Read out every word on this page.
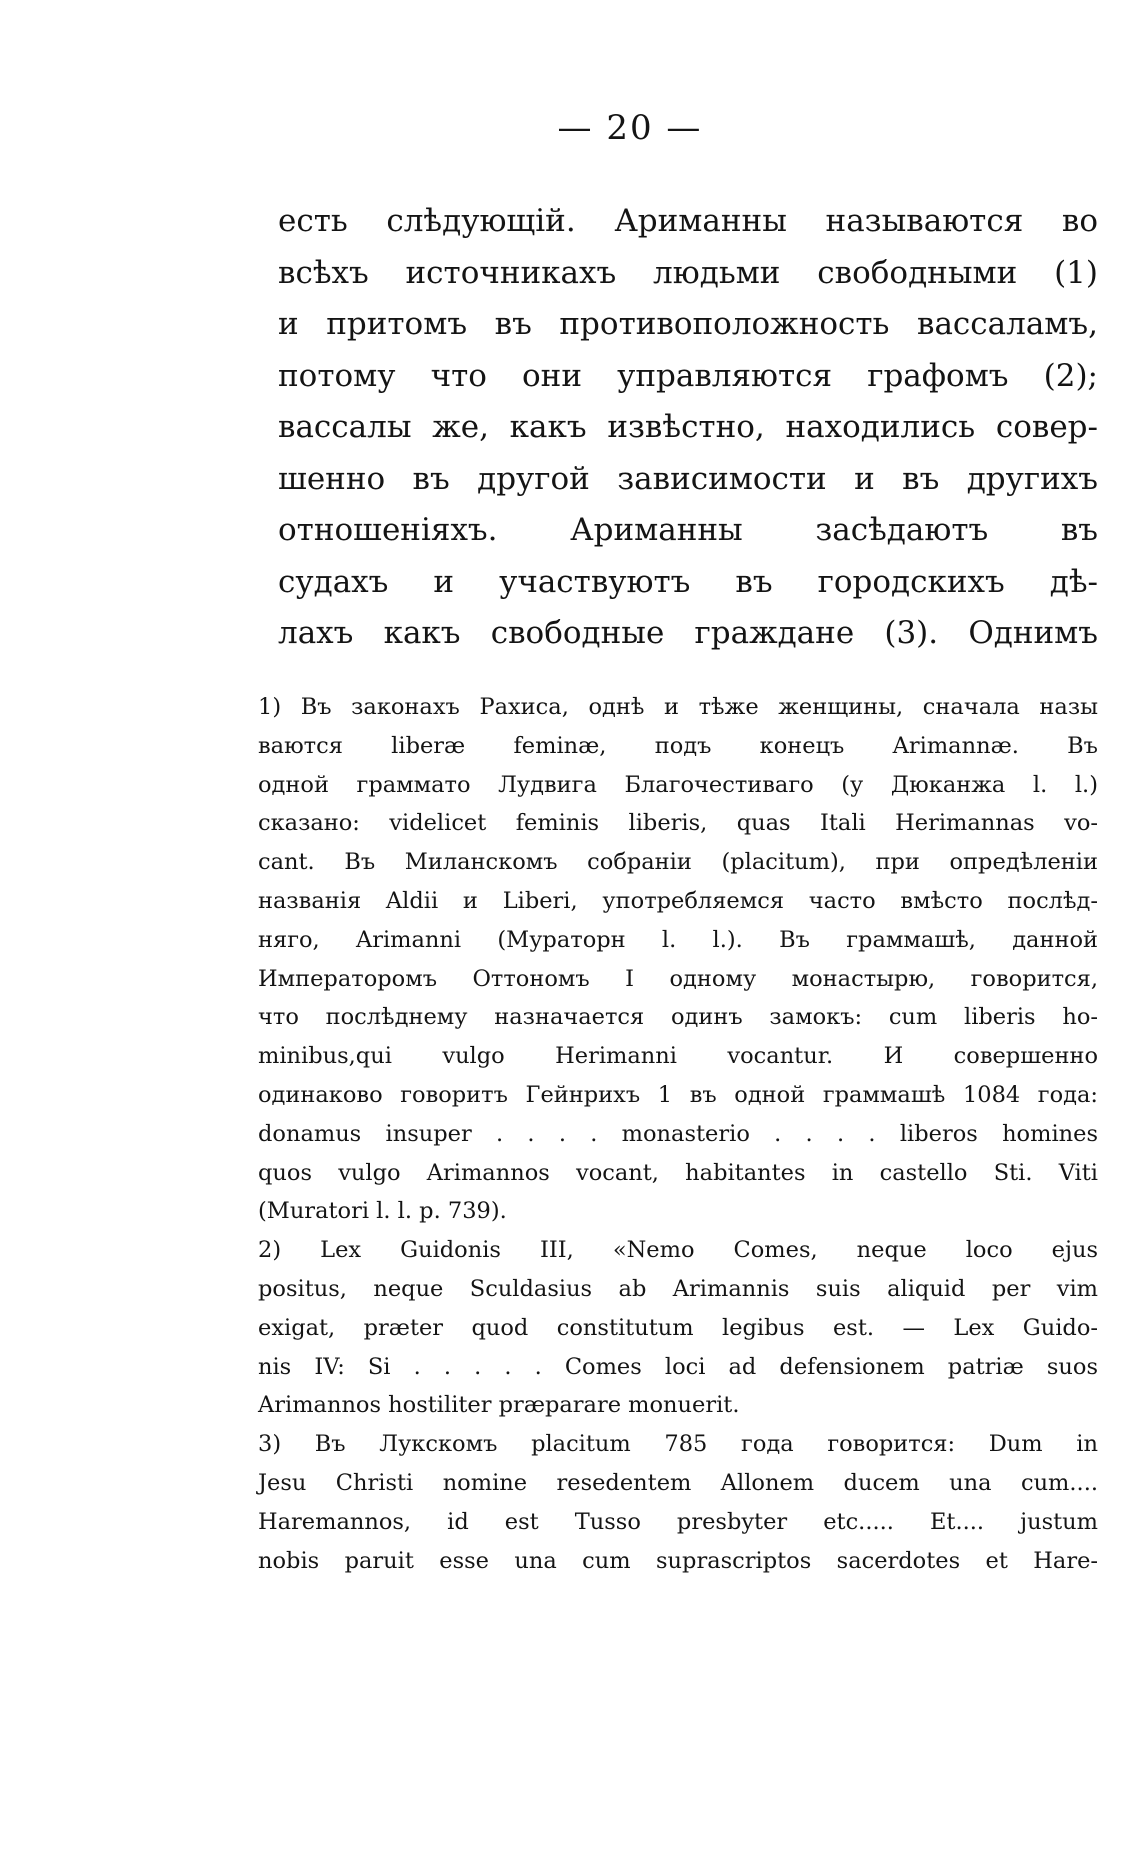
— 20 —
есть слѣдующій. Ариманны называются во
всѣхъ источникахъ людьми свободными (1)
и притомъ въ противоположность вассаламъ,
потому что они управляются графомъ (2);
вассалы же, какъ извѣстно, находились совер-
шенно въ другой зависимости и въ другихъ
отношеніяхъ. Ариманны засѣдаютъ въ
судахъ и участвуютъ въ городскихъ дѣ-
лахъ какъ свободные граждане (3). Однимъ
1) Въ законахъ Рахиса, однѣ и тѣже женщины, сначала назы
ваются liberæ feminæ, подъ конецъ Arimannæ. Въ
одной граммато Лудвига Благочестиваго (у Дюканжа l. l.)
сказано: videlicet feminis liberis, quas Itali Herimannas vo-
cant. Въ Миланскомъ собраніи (placitum), при опредѣленіи
названія Aldii и Liberi, употребляемся часто вмѣсто послѣд-
няго, Arimanni (Мураторн l. l.). Въ граммашѣ, данной
Императоромъ Оттономъ I одному монастырю, говорится,
что послѣднему назначается одинъ замокъ: cum liberis ho-
minibus,qui vulgo Herimanni vocantur. И совершенно
одинаково говоритъ Гейнрихъ 1 въ одной граммашѣ 1084 года:
donamus insuper . . . . monasterio . . . . liberos homines
quos vulgo Arimannos vocant, habitantes in castello Sti. Viti
(Muratori l. l. p. 739).
2) Lex Guidonis III, «Nemo Comes, neque loco ejus
positus, neque Sculdasius ab Arimannis suis aliquid per vim
exigat, præter quod constitutum legibus est. — Lex Guido-
nis IV: Si . . . . . Comes loci ad defensionem patriæ suos
Arimannos hostiliter præparare monuerit.
3) Въ Лукскомъ placitum 785 года говорится: Dum in
Jesu Christi nomine resedentem Allonem ducem una cum....
Haremannos, id est Tusso presbyter etc..... Et.... justum
nobis paruit esse una cum suprascriptos sacerdotes et Hare-
